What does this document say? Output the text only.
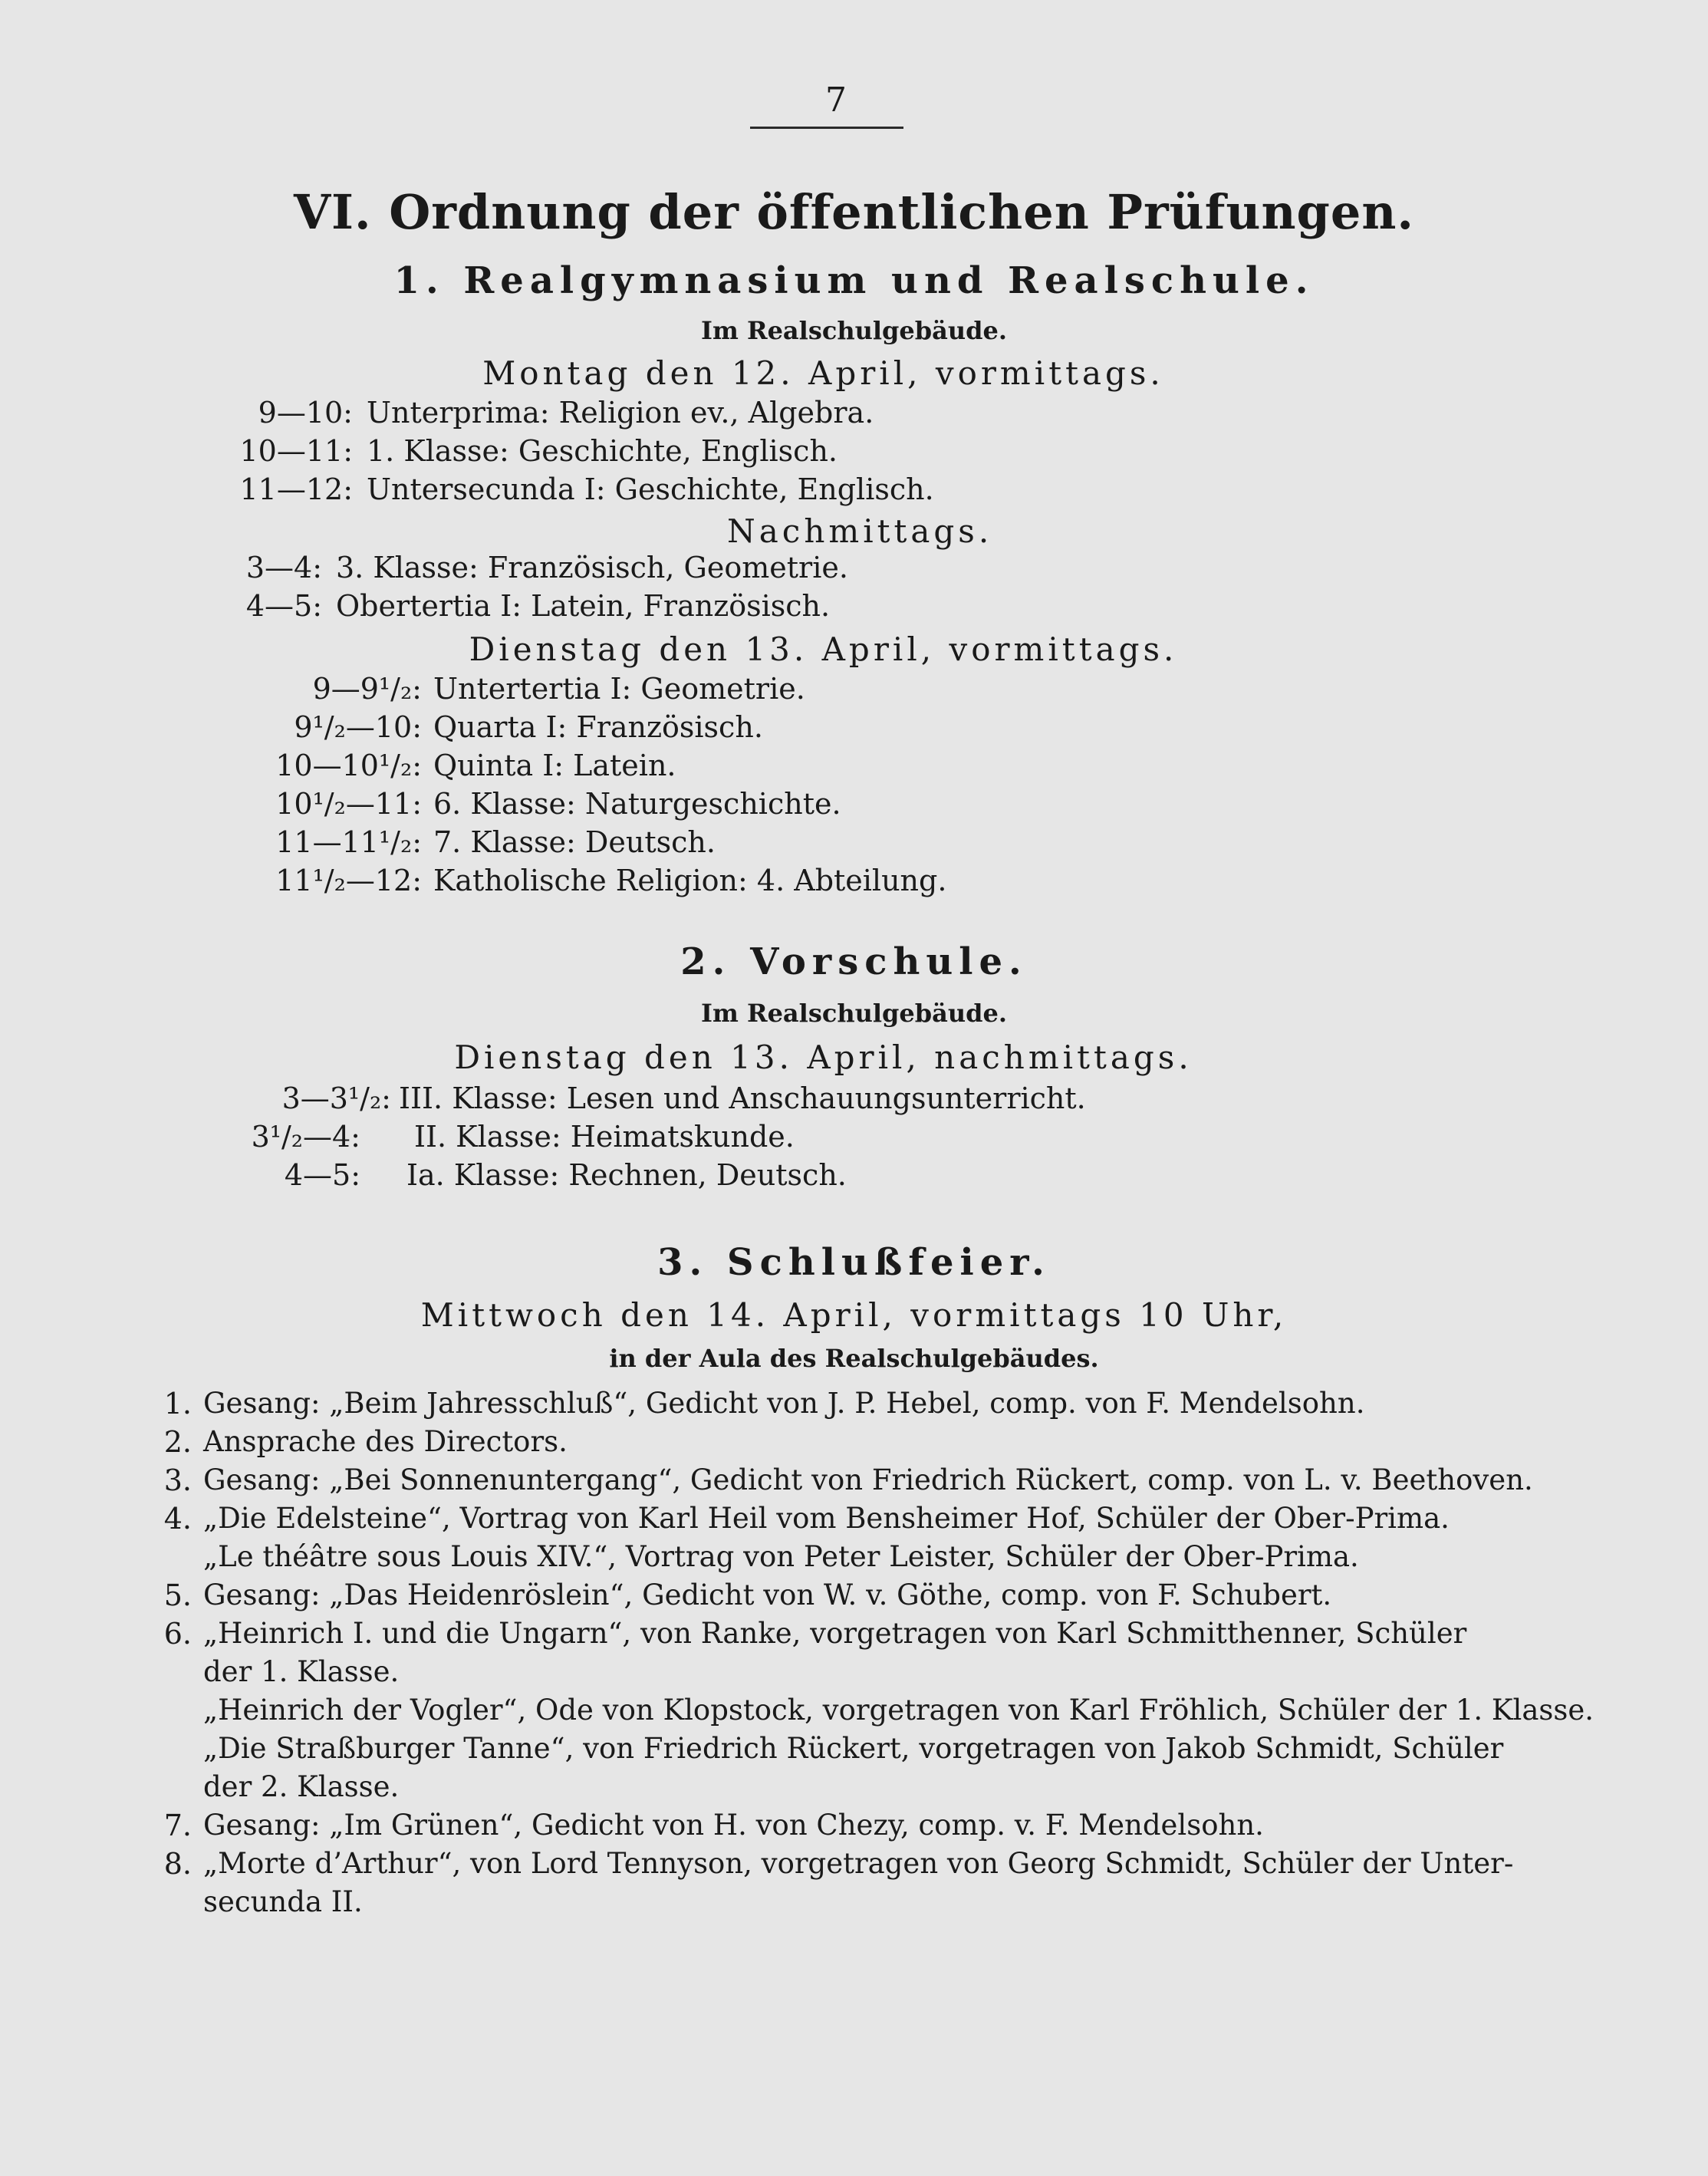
7
VI. Ordnung der öffentlichen Prüfungen.
1. Realgymnasium und Realschule.
Im Realschulgebäude.
Montag den 12. April, vormittags.
9—10: Unterprima: Religion ev., Algebra.
10—11: 1. Klasse: Geschichte, Englisch.
11—12: Untersecunda I: Geschichte, Englisch.
Nachmittags.
3—4: 3. Klasse: Französisch, Geometrie.
4—5: Obertertia I: Latein, Französisch.
Dienstag den 13. April, vormittags.
9—9¹/₂: Untertertia I: Geometrie.
9¹/₂—10: Quarta I: Französisch.
10—10¹/₂: Quinta I: Latein.
10¹/₂—11: 6. Klasse: Naturgeschichte.
11—11¹/₂: 7. Klasse: Deutsch.
11¹/₂—12: Katholische Religion: 4. Abteilung.
2. Vorschule.
Im Realschulgebäude.
Dienstag den 13. April, nachmittags.
3—3¹/₂: III. Klasse: Lesen und Anschauungsunterricht.
3¹/₂—4: II. Klasse: Heimatskunde.
4—5: Ia. Klasse: Rechnen, Deutsch.
3. Schlußfeier.
Mittwoch den 14. April, vormittags 10 Uhr,
in der Aula des Realschulgebäudes.
1. Gesang: „Beim Jahresschluß“, Gedicht von J. P. Hebel, comp. von F. Mendelsohn.
2. Ansprache des Directors.
3. Gesang: „Bei Sonnenuntergang“, Gedicht von Friedrich Rückert, comp. von L. v. Beethoven.
4. „Die Edelsteine“, Vortrag von Karl Heil vom Bensheimer Hof, Schüler der Ober-Prima.
„Le théâtre sous Louis XIV.“, Vortrag von Peter Leister, Schüler der Ober-Prima.
5. Gesang: „Das Heidenröslein“, Gedicht von W. v. Göthe, comp. von F. Schubert.
6. „Heinrich I. und die Ungarn“, von Ranke, vorgetragen von Karl Schmitthenner, Schüler
der 1. Klasse.
„Heinrich der Vogler“, Ode von Klopstock, vorgetragen von Karl Fröhlich, Schüler der 1. Klasse.
„Die Straßburger Tanne“, von Friedrich Rückert, vorgetragen von Jakob Schmidt, Schüler
der 2. Klasse.
7. Gesang: „Im Grünen“, Gedicht von H. von Chezy, comp. v. F. Mendelsohn.
8. „Morte d’Arthur“, von Lord Tennyson, vorgetragen von Georg Schmidt, Schüler der Unter-
secunda II.
